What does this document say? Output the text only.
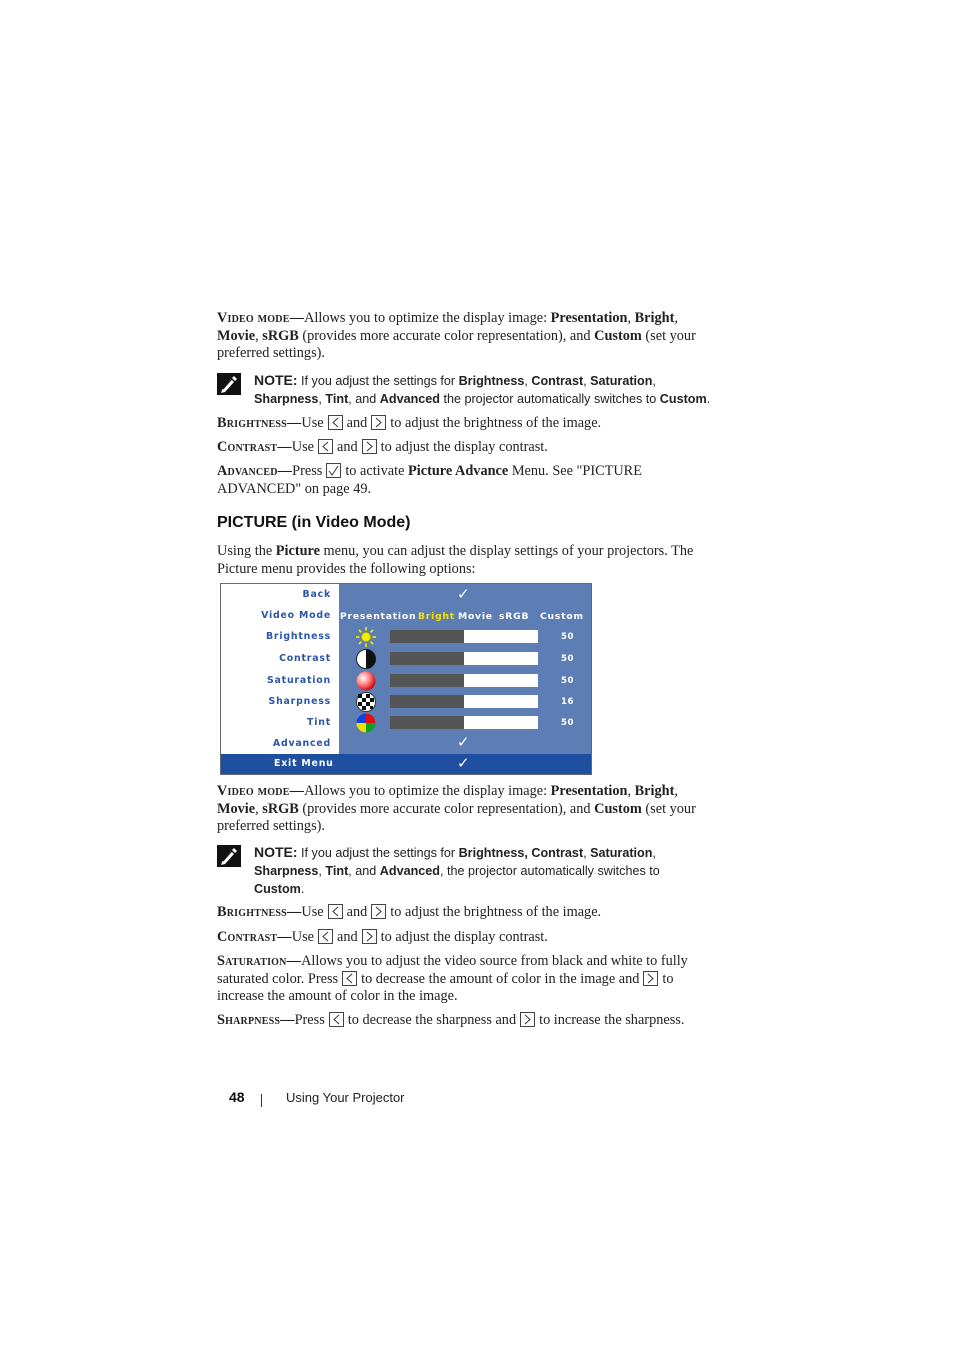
Video mode—Allows you to optimize the display image: Presentation, Bright, Movie, sRGB (provides more accurate color representation), and Custom (set your preferred settings).
NOTE: If you adjust the settings for Brightness, Contrast, Saturation, Sharpness, Tint, and Advanced the projector automatically switches to Custom.
Brightness—Use and to adjust the brightness of the image.
Contrast—Use and to adjust the display contrast.
Advanced—Press to activate Picture Advance Menu. See "PICTURE ADVANCED" on page 49.
PICTURE (in Video Mode)
Using the Picture menu, you can adjust the display settings of your projectors. The Picture menu provides the following options:
Back
Video Mode
Brightness
Contrast
Saturation
Sharpness
Tint
Advanced
✓
Presentation Bright Movie sRGB Custom
50
50
50
16
50
✓
Exit Menu	✓
Video mode—Allows you to optimize the display image: Presentation, Bright, Movie, sRGB (provides more accurate color representation), and Custom (set your preferred settings).
NOTE: If you adjust the settings for Brightness, Contrast, Saturation, Sharpness, Tint, and Advanced, the projector automatically switches to Custom.
Brightness—Use and to adjust the brightness of the image.
Contrast—Use and to adjust the display contrast.
Saturation—Allows you to adjust the video source from black and white to fully saturated color. Press to decrease the amount of color in the image and to increase the amount of color in the image.
Sharpness—Press to decrease the sharpness and to increase the sharpness.
48	Using Your Projector
